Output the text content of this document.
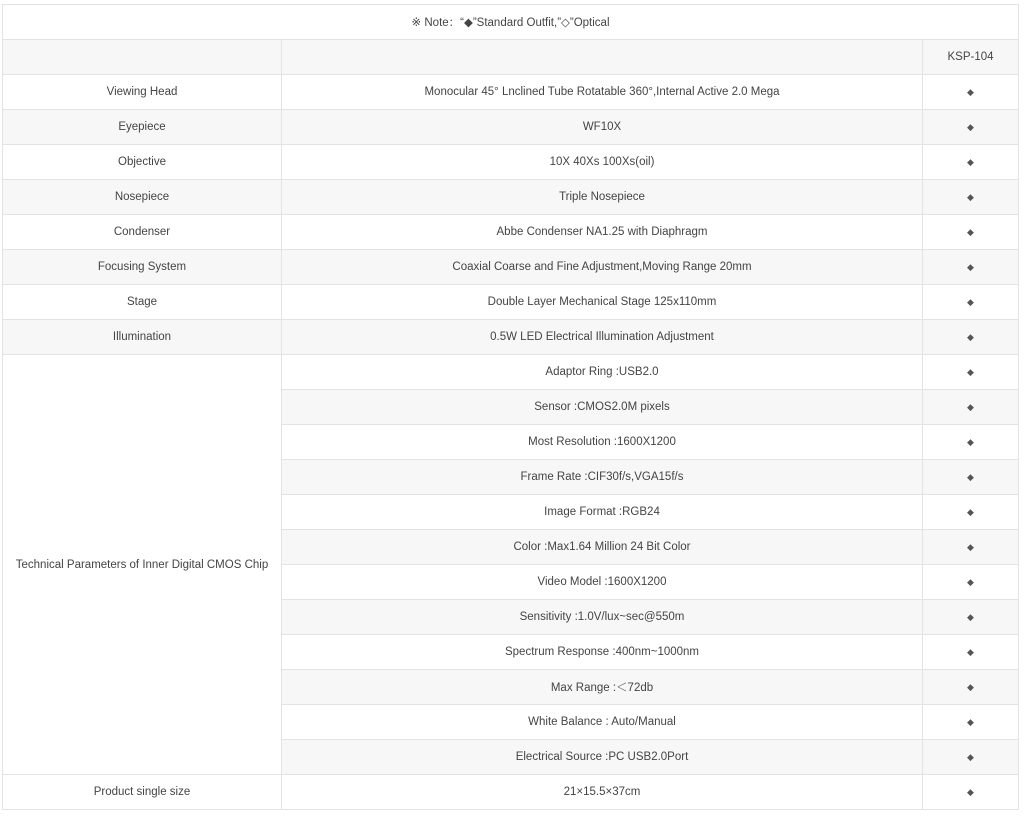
※ Note：“◆”Standard Outfit,”◇”Optical		
		KSP-104
Viewing Head	Monocular 45° Lnclined Tube Rotatable 360°,Internal Active 2.0 Mega	◆
Eyepiece	WF10X	◆
Objective	10X 40Xs 100Xs(oil)	◆
Nosepiece	Triple Nosepiece	◆
Condenser	Abbe Condenser NA1.25 with Diaphragm	◆
Focusing System	Coaxial Coarse and Fine Adjustment,Moving Range 20mm	◆
Stage	Double Layer Mechanical Stage 125x110mm	◆
Illumination	0.5W LED Electrical Illumination Adjustment	◆
Technical Parameters of Inner Digital CMOS Chip	Adaptor Ring :USB2.0	◆
	Sensor :CMOS2.0M pixels	◆
	Most Resolution :1600X1200	◆
	Frame Rate :CIF30f/s,VGA15f/s	◆
	Image Format :RGB24	◆
	Color :Max1.64 Million 24 Bit Color	◆
	Video Model :1600X1200	◆
	Sensitivity :1.0V/lux~sec@550m	◆
	Spectrum Response :400nm~1000nm	◆
	Max Range :＜72db	◆
	White Balance : Auto/Manual	◆
	Electrical Source :PC USB2.0Port	◆
Product single size	21×15.5×37cm	◆
